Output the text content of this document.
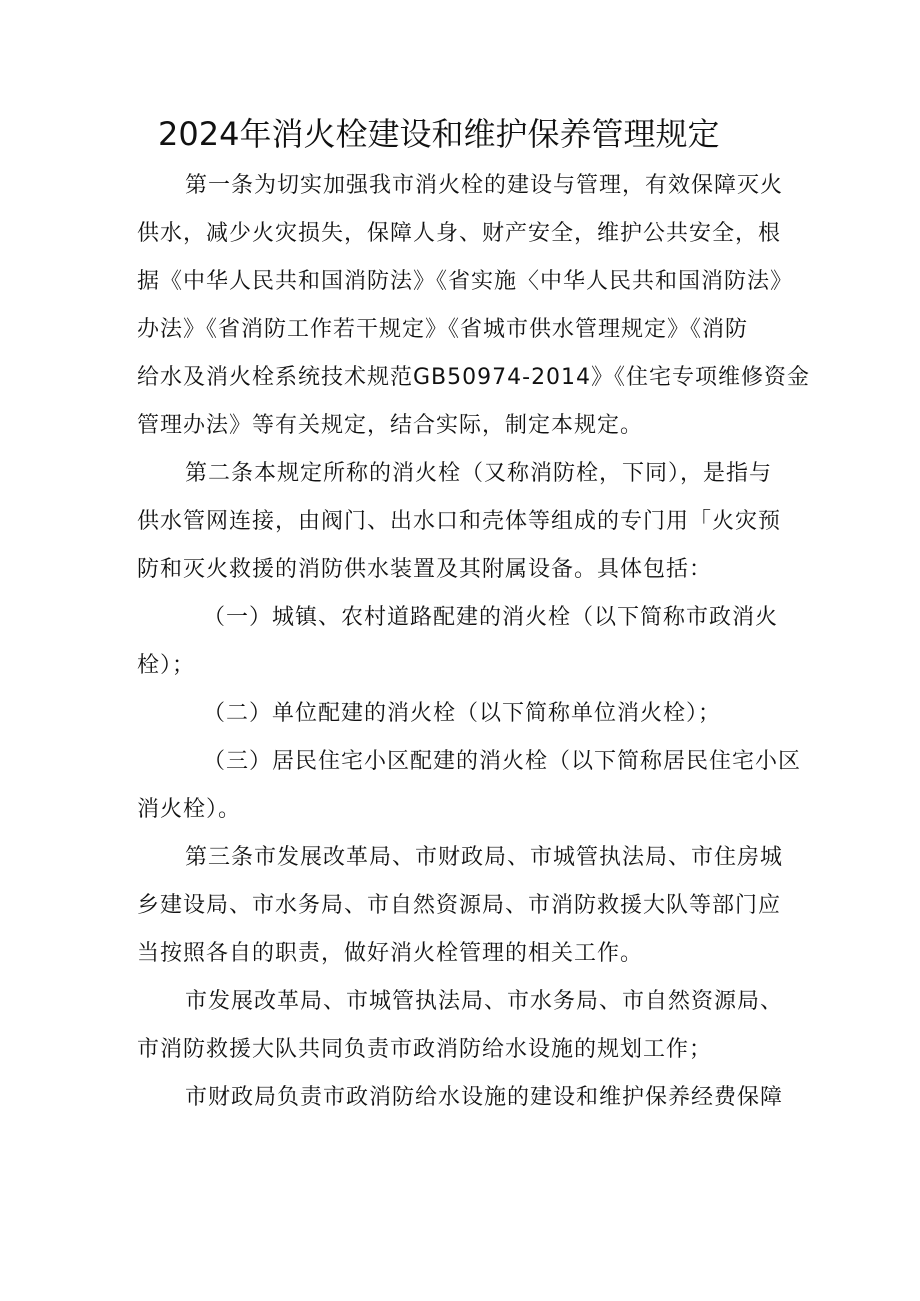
2024年消火栓建设和维护保养管理规定
第一条为切实加强我市消火栓的建设与管理，有效保障灭火
供水，减少火灾损失，保障人身、财产安全，维护公共安全，根
据《中华人民共和国消防法》《省实施〈中华人民共和国消防法》
办法》《省消防工作若干规定》《省城市供水管理规定》《消防
给水及消火栓系统技术规范GB50974-2014》《住宅专项维修资金
管理办法》等有关规定，结合实际，制定本规定。
第二条本规定所称的消火栓（又称消防栓，下同），是指与
供水管网连接，由阀门、出水口和壳体等组成的专门用「火灾预
防和灭火救援的消防供水装置及其附属设备。具体包括：
（一）城镇、农村道路配建的消火栓（以下简称市政消火
栓）；
（二）单位配建的消火栓（以下简称单位消火栓）；
（三）居民住宅小区配建的消火栓（以下简称居民住宅小区
消火栓）。
第三条市发展改革局、市财政局、市城管执法局、市住房城
乡建设局、市水务局、市自然资源局、市消防救援大队等部门应
当按照各自的职责，做好消火栓管理的相关工作。
市发展改革局、市城管执法局、市水务局、市自然资源局、
市消防救援大队共同负责市政消防给水设施的规划工作；
市财政局负责市政消防给水设施的建设和维护保养经费保障
